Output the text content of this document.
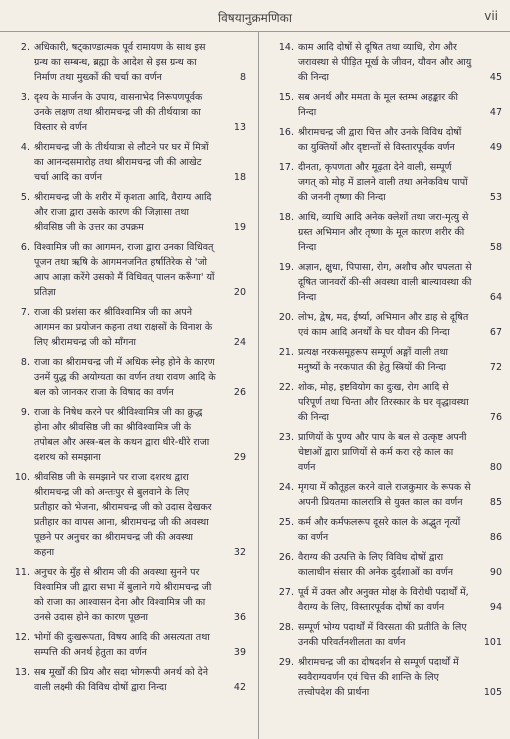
विषयानुक्रमणिका	vii
2. अधिकारी, षट्काण्डात्मक पूर्व रामायण के साथ इस ग्रन्थ का सम्बन्ध, ब्रह्मा के आदेश से इस ग्रन्थ का निर्माण तथा मुख्कों की चर्चा का वर्णन	8
3. दृश्य के मार्जन के उपाय, वासनाभेद निरूपणपूर्वक उनके लक्षण तथा श्रीरामचन्द्र जी की तीर्थयात्रा का विस्तार से वर्णन	13
4. श्रीरामचन्द्र जी के तीर्थयात्रा से लौटने पर घर में मित्रों का आनन्दसमारोह तथा श्रीरामचन्द्र जी की आखेट चर्चा आदि का वर्णन	18
5. श्रीरामचन्द्र जी के शरीर में कृशता आदि, वैराग्य आदि और राजा द्वारा उसके कारण की जिज्ञासा तथा श्रीवसिष्ठ जी के उत्तर का उपक्रम	19
6. विश्वामित्र जी का आगमन, राजा द्वारा उनका विधिवत् पूजन तथा ऋषि के आगमनजनित हर्षातिरेक से 'जो आप आज्ञा करेंगे उसको मैं विधिवत् पालन करूँगा' यों प्रतिज्ञा	20
7. राजा की प्रशंसा कर श्रीविश्वामित्र जी का अपने आगमन का प्रयोजन कहना तथा राक्षसों के विनाश के लिए श्रीरामचन्द्र जी को माँगना	24
8. राजा का श्रीरामचन्द्र जी में अधिक स्नेह होने के कारण उनमें युद्ध की अयोग्यता का वर्णन तथा रावण आदि के बल को जानकर राजा के विषाद का वर्णन	26
9. राजा के निषेध करने पर श्रीविश्वामित्र जी का क्रुद्ध होना और श्रीवसिष्ठ जी का श्रीविश्वामित्र जी के तपोबल और अस्त्र-बल के कथन द्वारा धीरे-धीरे राजा दशरथ को समझाना	29
10. श्रीवसिष्ठ जी के समझाने पर राजा दशरथ द्वारा श्रीरामचन्द्र जी को अन्तःपुर से बुलवाने के लिए प्रतीहार को भेजना, श्रीरामचन्द्र जी को उदास देखकर प्रतीहार का वापस आना, श्रीरामचन्द्र जी की अवस्था पूछने पर अनुचर का श्रीरामचन्द्र जी की अवस्था कहना	32
11. अनुचर के मुँह से श्रीराम जी की अवस्था सुनने पर विश्वामित्र जी द्वारा सभा में बुलाने गये श्रीरामचन्द्र जी को राजा का आश्वासन देना और विश्वामित्र जी का उनसे उदास होने का कारण पूछना	36
12. भोगों की दुःखरूपता, विषय आदि की असत्यता तथा सम्पत्ति की अनर्थ हेतुता का वर्णन	39
13. सब मूर्खों की प्रिय और सदा भोगरूपी अनर्थ को देने वाली लक्ष्मी की विविध दोषों द्वारा निन्दा	42
14. काम आदि दोषों से दूषित तथा व्याधि, रोग और जरावस्था से पीड़ित मूर्ख के जीवन, यौवन और आयु की निन्दा	45
15. सब अनर्थ और ममता के मूल स्तम्भ अहङ्कार की निन्दा	47
16. श्रीरामचन्द्र जी द्वारा चित्त और उनके विविध दोषों का युक्तियों और दृष्टान्तों से विस्तारपूर्वक वर्णन	49
17. दीनता, कृपणता और मूढ़ता देने वाली, सम्पूर्ण जगत् को मोह में डालने वाली तथा अनेकविध पापों की जननी तृष्णा की निन्दा	53
18. आधि, व्याधि आदि अनेक क्लेशों तथा जरा-मृत्यु से ग्रस्त अभिमान और तृष्णा के मूल कारण शरीर की निन्दा	58
19. अज्ञान, क्षुधा, पिपासा, रोग, अशौच और चपलता से दूषित जानवरों की-सी अवस्था वाली बाल्यावस्था की निन्दा	64
20. लोभ, द्वेष, मद, ईर्ष्या, अभिमान और डाह से दूषित एवं काम आदि अनर्थों के घर यौवन की निन्दा	67
21. प्रत्यक्ष नरकसमूहरूप सम्पूर्ण अङ्गों वाली तथा मनुष्यों के नरकपात की हेतु स्त्रियों की निन्दा	72
22. शोक, मोह, इष्टवियोग का दुःख, रोग आदि से परिपूर्ण तथा चिन्ता और तिरस्कार के घर वृद्धावस्था की निन्दा	76
23. प्राणियों के पुण्य और पाप के बल से उत्कृष्ट अपनी चेष्टाओं द्वारा प्राणियों से कर्म करा रहे काल का वर्णन	80
24. मृगया में कौतूहल करने वाले राजकुमार के रूपक से अपनी प्रियतमा कालरात्रि से युक्त काल का वर्णन	85
25. कर्म और कर्मफलरूप दूसरे काल के अद्भुत नृत्यों का वर्णन	86
26. वैराग्य की उत्पत्ति के लिए विविध दोषों द्वारा कालाधीन संसार की अनेक दुर्दशाओं का वर्णन	90
27. पूर्व में उक्त और अनुक्त मोक्ष के विरोधी पदार्थों में, वैराग्य के लिए, विस्तारपूर्वक दोषों का वर्णन	94
28. सम्पूर्ण भोग्य पदार्थों में विरसता की प्रतीति के लिए उनकी परिवर्तनशीलता का वर्णन	101
29. श्रीरामचन्द्र जी का दोषदर्शन से सम्पूर्ण पदार्थों में स्ववैराग्यवर्णन एवं चित्त की शान्ति के लिए तत्त्वोपदेश की प्रार्थना	105
